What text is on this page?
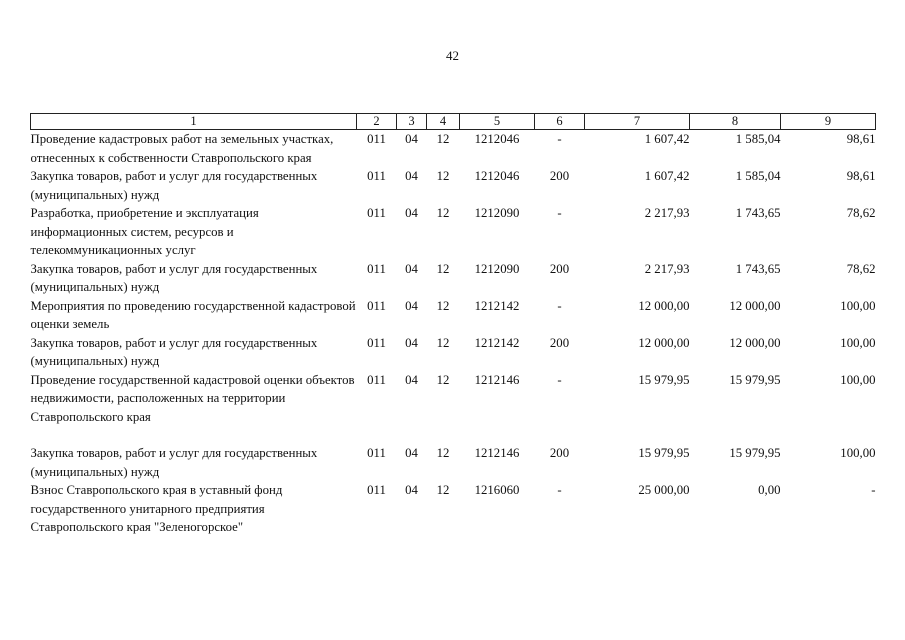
42
1	2	3	4	5	6	7	8	9
Проведение кадастровых работ на земельных участках, отнесенных к собственности Ставропольского края	011	04	12	1212046	-	1 607,42	1 585,04	98,61
Закупка товаров, работ и услуг для государственных (муниципальных) нужд	011	04	12	1212046	200	1 607,42	1 585,04	98,61
Разработка, приобретение и эксплуатация информационных систем, ресурсов и телекоммуникационных услуг	011	04	12	1212090	-	2 217,93	1 743,65	78,62
Закупка товаров, работ и услуг для государственных (муниципальных) нужд	011	04	12	1212090	200	2 217,93	1 743,65	78,62
Мероприятия по проведению государственной кадастровой оценки земель	011	04	12	1212142	-	12 000,00	12 000,00	100,00
Закупка товаров, работ и услуг для государственных (муниципальных) нужд	011	04	12	1212142	200	12 000,00	12 000,00	100,00
Проведение государственной кадастровой оценки объектов недвижимости, расположенных на территории Ставропольского края	011	04	12	1212146	-	15 979,95	15 979,95	100,00

Закупка товаров, работ и услуг для государственных (муниципальных) нужд	011	04	12	1212146	200	15 979,95	15 979,95	100,00
Взнос Ставропольского края в уставный фонд государственного унитарного предприятия Ставропольского края "Зеленогорское"	011	04	12	1216060	-	25 000,00	0,00	-
